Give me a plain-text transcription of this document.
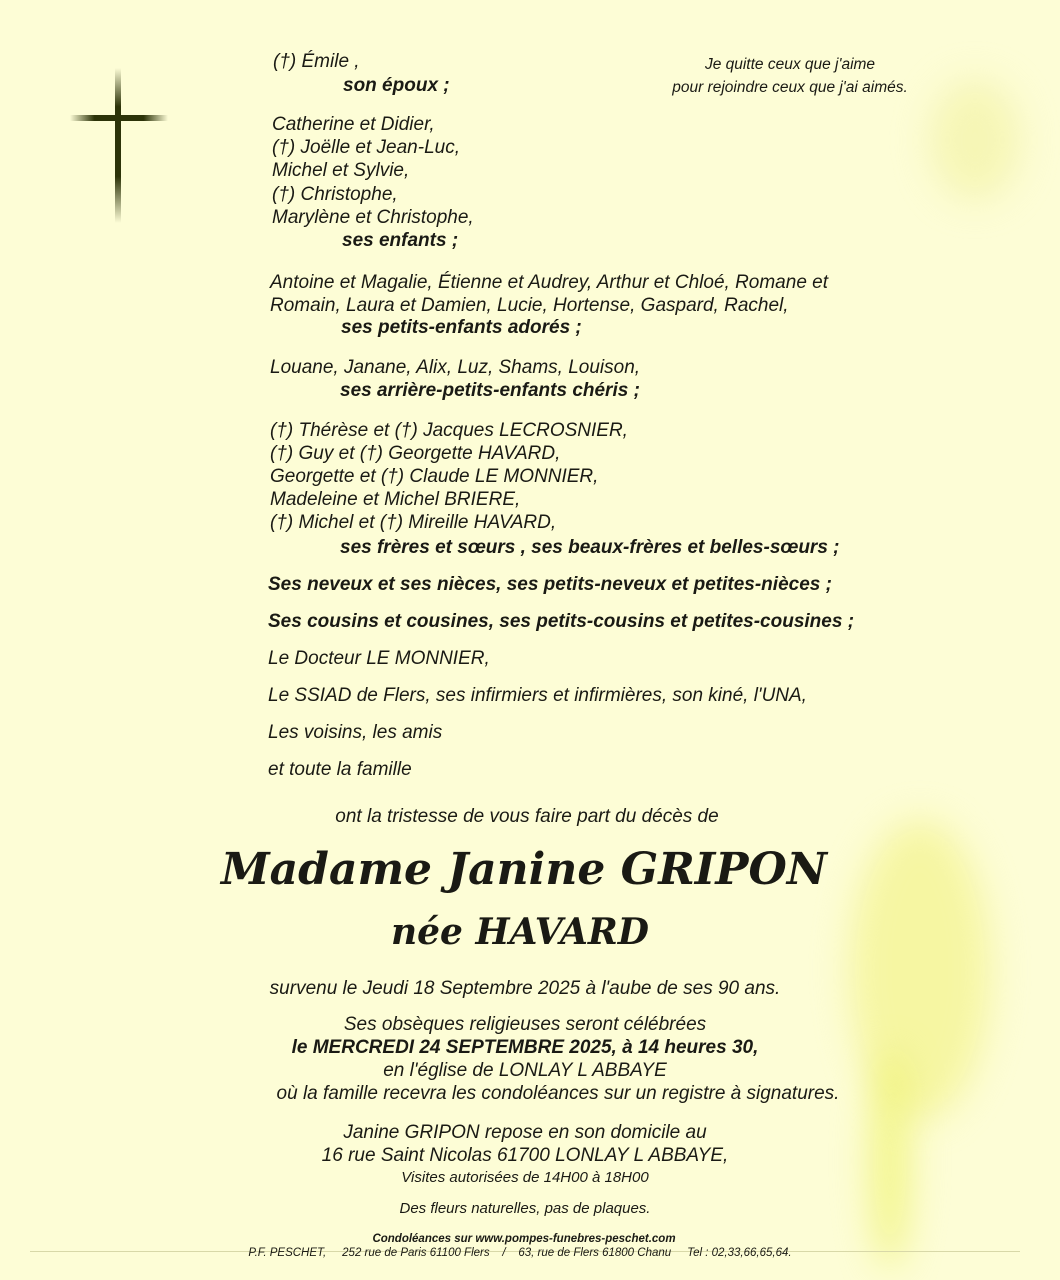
Je quitte ceux que j'aime
pour rejoindre ceux que j'ai aimés.
(†) Émile ,
son époux ;
Catherine et Didier,
(†) Joëlle et Jean-Luc,
Michel et Sylvie,
(†) Christophe,
Marylène et Christophe,
ses enfants ;
Antoine et Magalie, Étienne et Audrey, Arthur et Chloé, Romane et
Romain, Laura et Damien, Lucie, Hortense, Gaspard, Rachel,
ses petits-enfants adorés ;
Louane, Janane, Alix, Luz, Shams, Louison,
ses arrière-petits-enfants chéris ;
(†) Thérèse et (†) Jacques LECROSNIER,
(†) Guy et (†) Georgette HAVARD,
Georgette et (†) Claude LE MONNIER,
Madeleine et Michel BRIERE,
(†) Michel et (†) Mireille HAVARD,
ses frères et sœurs , ses beaux-frères et belles-sœurs ;
Ses neveux et ses nièces, ses petits-neveux et petites-nièces ;
Ses cousins et cousines, ses petits-cousins et petites-cousines ;
Le Docteur LE MONNIER,
Le SSIAD de Flers, ses infirmiers et infirmières, son kiné, l'UNA,
Les voisins, les amis
et toute la famille
ont la tristesse de vous faire part du décès de
Madame Janine GRIPON
née HAVARD
survenu le Jeudi 18 Septembre 2025 à l'aube de ses 90 ans.
Ses obsèques religieuses seront célébrées
le MERCREDI 24 SEPTEMBRE 2025, à 14 heures 30,
en l'église de LONLAY L ABBAYE
où la famille recevra les condoléances sur un registre à signatures.
Janine GRIPON repose en son domicile au
16 rue Saint Nicolas 61700 LONLAY L ABBAYE,
Visites autorisées de 14H00 à 18H00
Des fleurs naturelles, pas de plaques.
Condoléances sur www.pompes-funebres-peschet.com
P.F. PESCHET,     252 rue de Paris 61100 Flers    /    63, rue de Flers 61800 Chanu     Tel : 02,33,66,65,64.
